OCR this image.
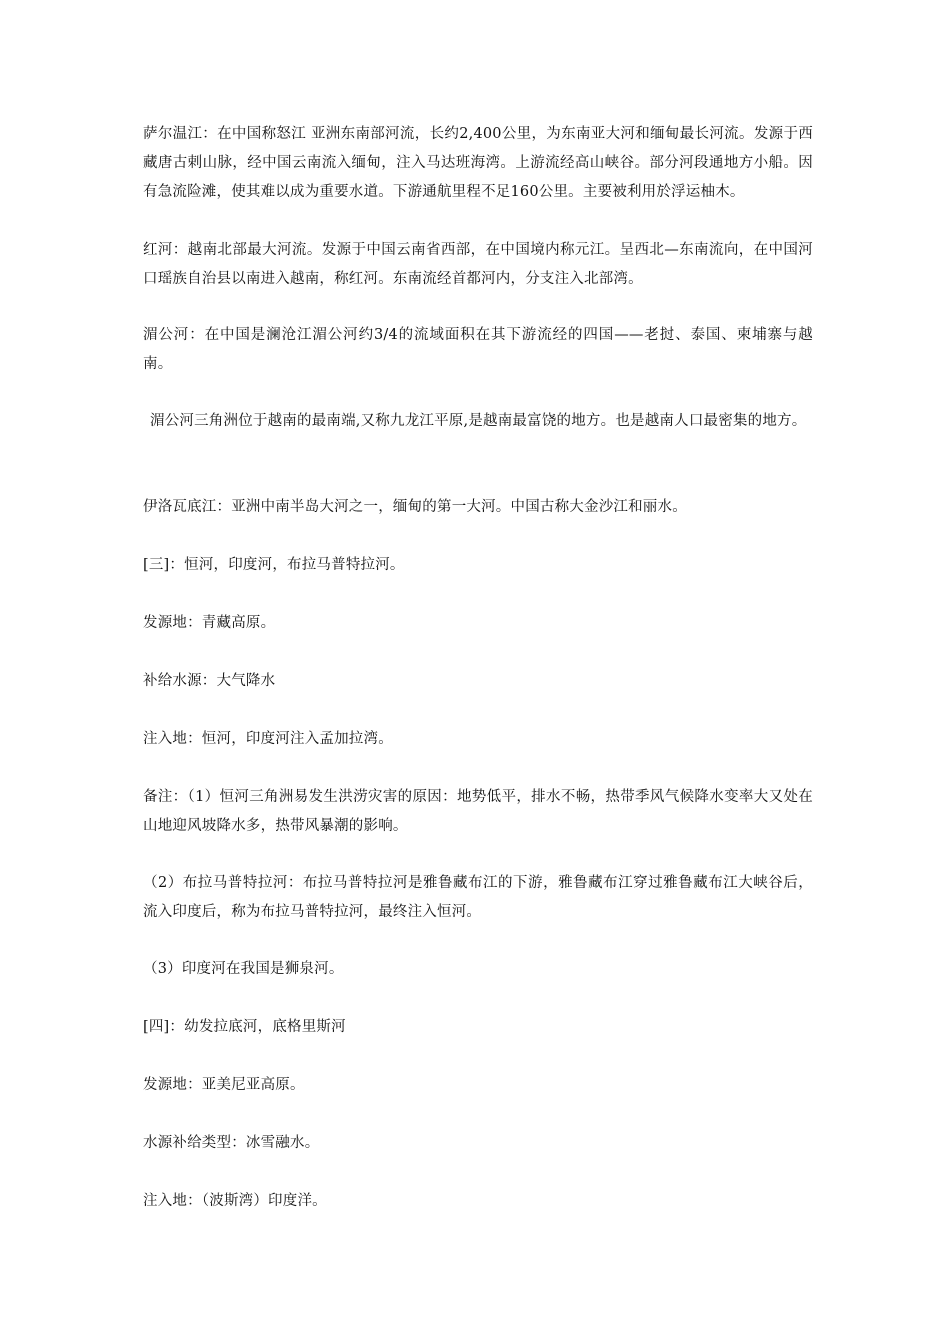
萨尔温江：在中国称怒江 亚洲东南部河流，长约2,400公里，为东南亚大河和缅甸最长河流。发源于西藏唐古剌山脉，经中国云南流入缅甸，注入马达班海湾。上游流经高山峡谷。部分河段通地方小船。因有急流险滩，使其难以成为重要水道。下游通航里程不足160公里。主要被利用於浮运柚木。

红河：越南北部最大河流。发源于中国云南省西部，在中国境内称元江。呈西北—东南流向，在中国河口瑶族自治县以南进入越南，称红河。东南流经首都河内，分支注入北部湾。

湄公河：在中国是澜沧江湄公河约3/4的流域面积在其下游流经的四国——老挝、泰国、柬埔寨与越南。

湄公河三角洲位于越南的最南端,又称九龙江平原,是越南最富饶的地方。也是越南人口最密集的地方。

伊洛瓦底江：亚洲中南半岛大河之一，缅甸的第一大河。中国古称大金沙江和丽水。

[三]：恒河，印度河，布拉马普特拉河。

发源地：青藏高原。

补给水源：大气降水

注入地：恒河，印度河注入孟加拉湾。

备注：（1）恒河三角洲易发生洪涝灾害的原因：地势低平，排水不畅，热带季风气候降水变率大又处在山地迎风坡降水多，热带风暴潮的影响。

（2）布拉马普特拉河：布拉马普特拉河是雅鲁藏布江的下游，雅鲁藏布江穿过雅鲁藏布江大峡谷后，流入印度后，称为布拉马普特拉河，最终注入恒河。

（3）印度河在我国是狮泉河。

[四]：幼发拉底河，底格里斯河

发源地：亚美尼亚高原。

水源补给类型：冰雪融水。

注入地：（波斯湾）印度洋。
